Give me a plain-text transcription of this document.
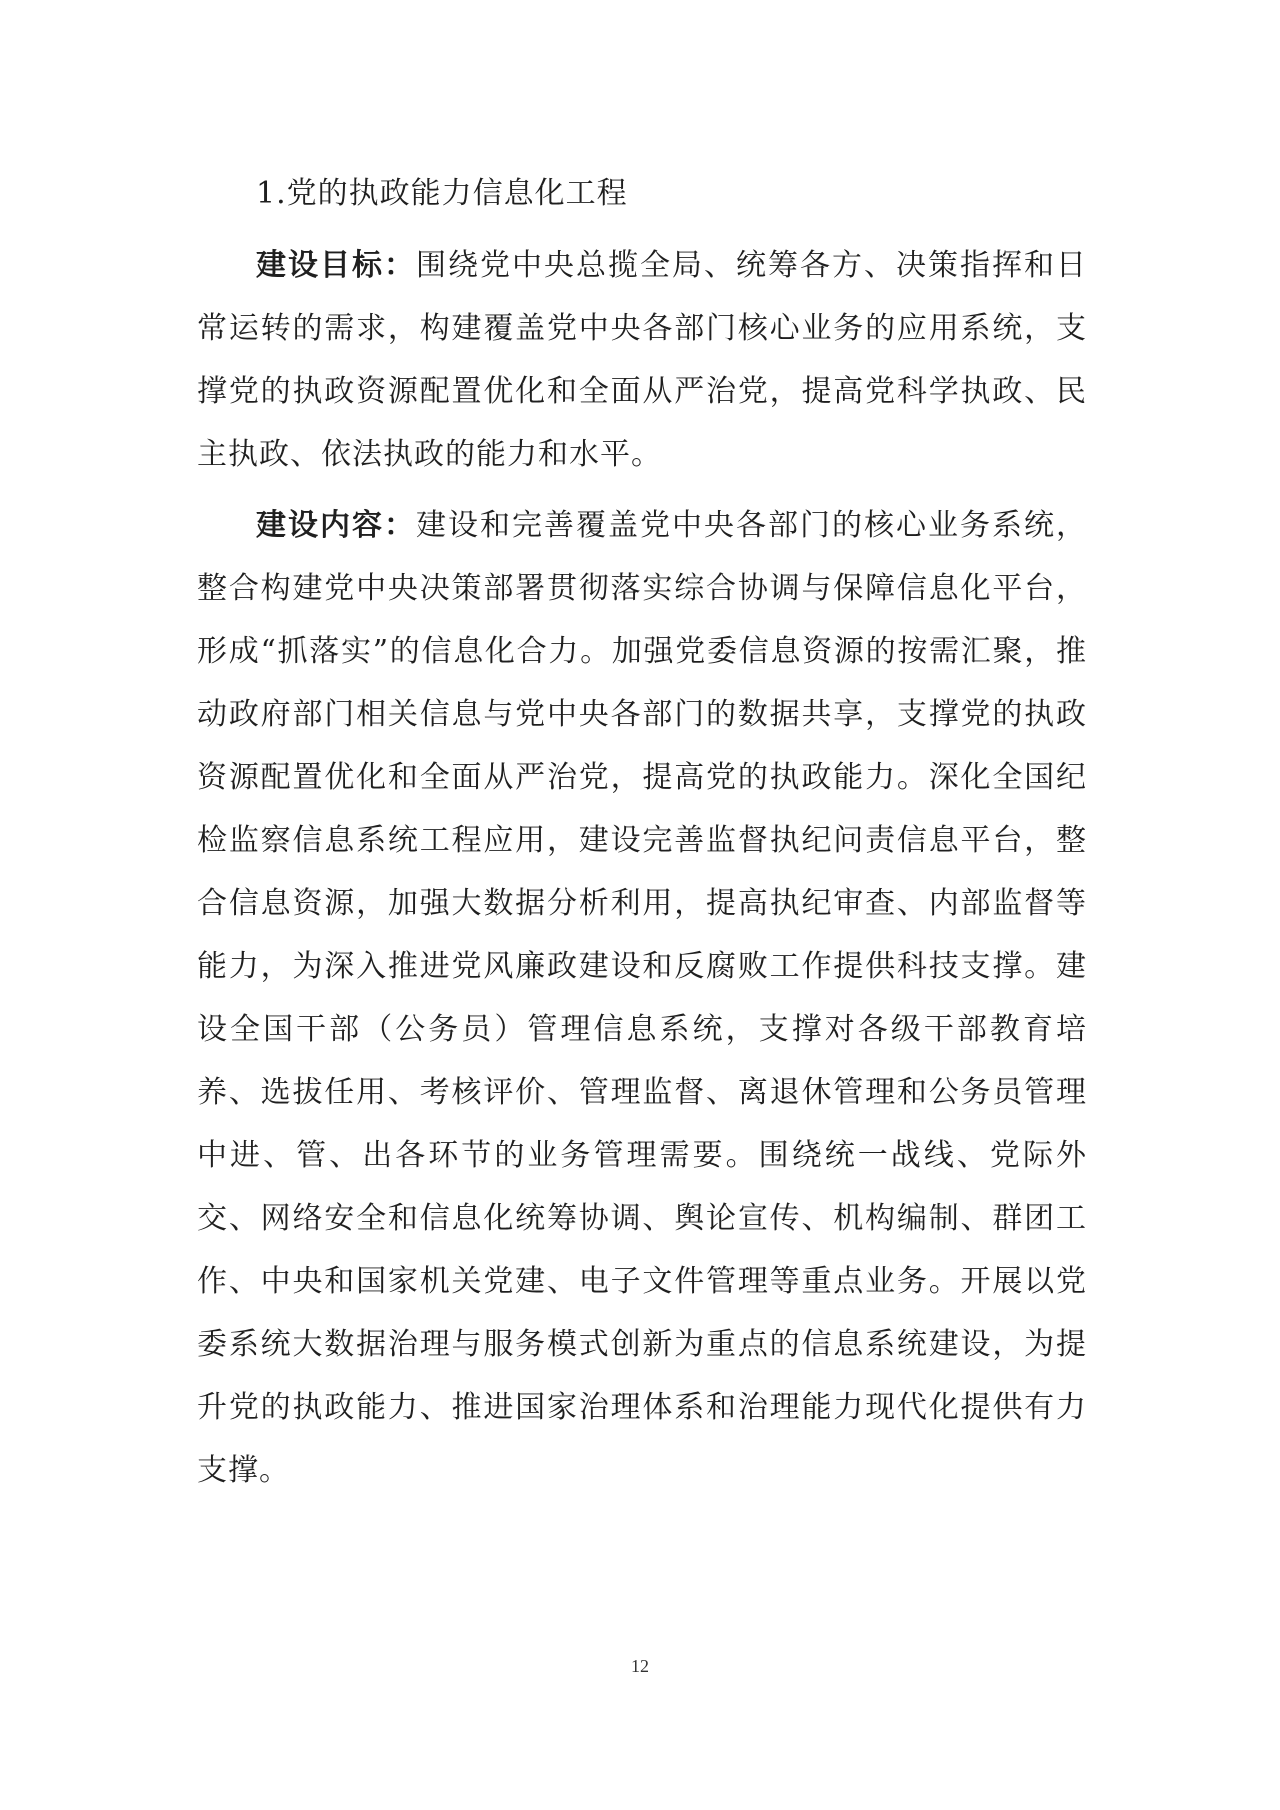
1.党的执政能力信息化工程

建设目标：围绕党中央总揽全局、统筹各方、决策指挥和日常运转的需求，构建覆盖党中央各部门核心业务的应用系统，支撑党的执政资源配置优化和全面从严治党，提高党科学执政、民主执政、依法执政的能力和水平。

建设内容：建设和完善覆盖党中央各部门的核心业务系统，整合构建党中央决策部署贯彻落实综合协调与保障信息化平台，形成“抓落实”的信息化合力。加强党委信息资源的按需汇聚，推动政府部门相关信息与党中央各部门的数据共享，支撑党的执政资源配置优化和全面从严治党，提高党的执政能力。深化全国纪检监察信息系统工程应用，建设完善监督执纪问责信息平台，整合信息资源，加强大数据分析利用，提高执纪审查、内部监督等能力，为深入推进党风廉政建设和反腐败工作提供科技支撑。建设全国干部（公务员）管理信息系统，支撑对各级干部教育培养、选拔任用、考核评价、管理监督、离退休管理和公务员管理中进、管、出各环节的业务管理需要。围绕统一战线、党际外交、网络安全和信息化统筹协调、舆论宣传、机构编制、群团工作、中央和国家机关党建、电子文件管理等重点业务。开展以党委系统大数据治理与服务模式创新为重点的信息系统建设，为提升党的执政能力、推进国家治理体系和治理能力现代化提供有力支撑。

12
